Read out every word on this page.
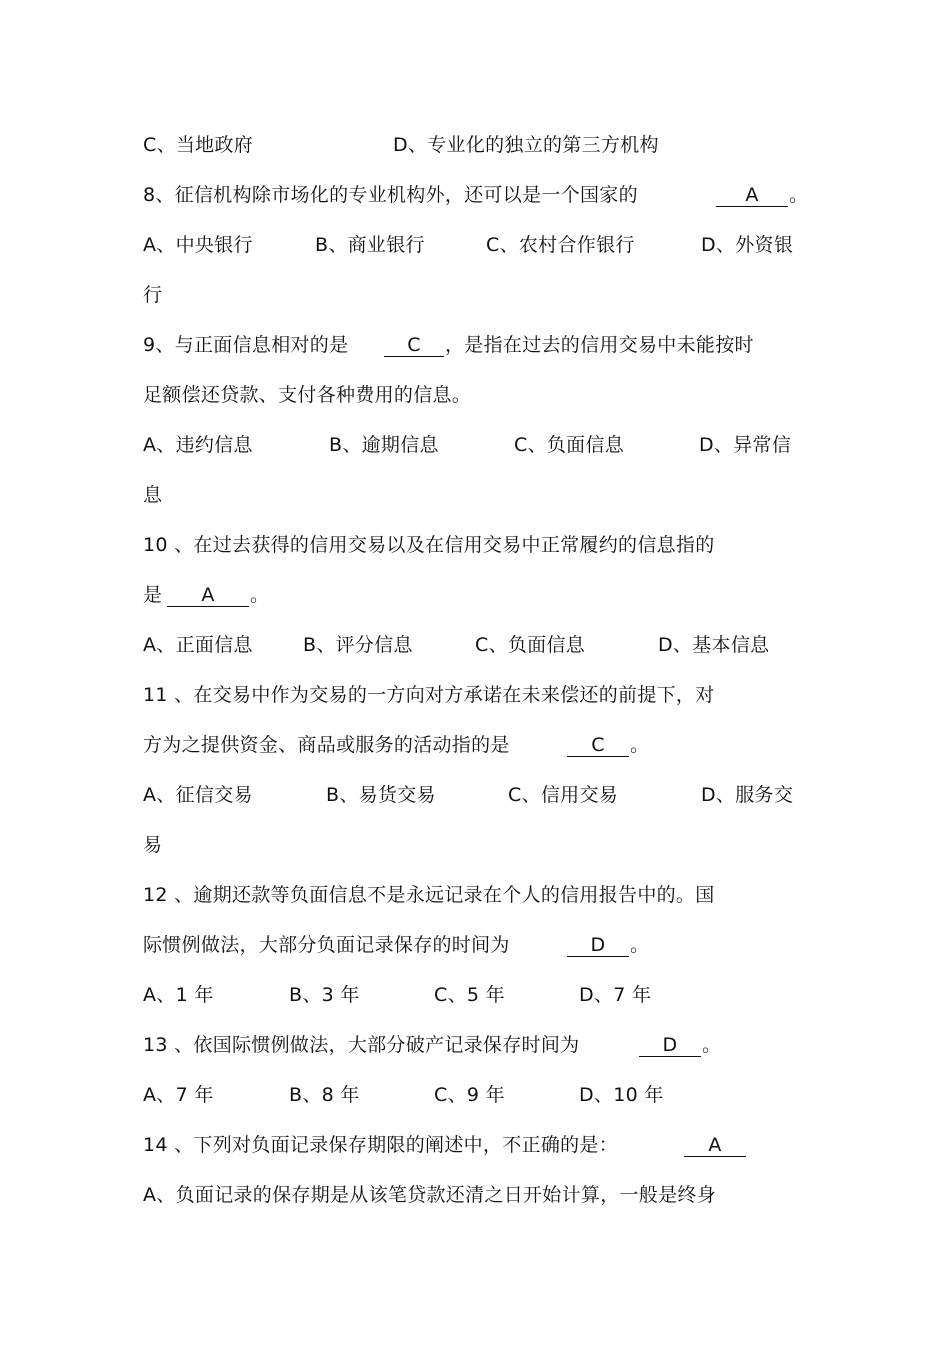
C、当地政府	D、专业化的独立的第三方机构
8、征信机构除市场化的专业机构外，还可以是一个国家的	A	。
A、中央银行	B、商业银行	C、农村合作银行	D、外资银
行
9、与正面信息相对的是	C	，是指在过去的信用交易中未能按时
足额偿还贷款、支付各种费用的信息。
A、违约信息	B、逾期信息	C、负面信息	D、异常信
息
10 、在过去获得的信用交易以及在信用交易中正常履约的信息指的
是	A	。
A、正面信息	B、评分信息	C、负面信息	D、基本信息
11 、在交易中作为交易的一方向对方承诺在未来偿还的前提下，对
方为之提供资金、商品或服务的活动指的是	C	。
A、征信交易	B、易货交易	C、信用交易	D、服务交
易
12 、逾期还款等负面信息不是永远记录在个人的信用报告中的。国
际惯例做法，大部分负面记录保存的时间为	D	。
A、1 年	B、3 年	C、5 年	D、7 年
13 、依国际惯例做法，大部分破产记录保存时间为	D	。
A、7 年	B、8 年	C、9 年	D、10 年
14 、下列对负面记录保存期限的阐述中，不正确的是：	A
A、负面记录的保存期是从该笔贷款还清之日开始计算，一般是终身
